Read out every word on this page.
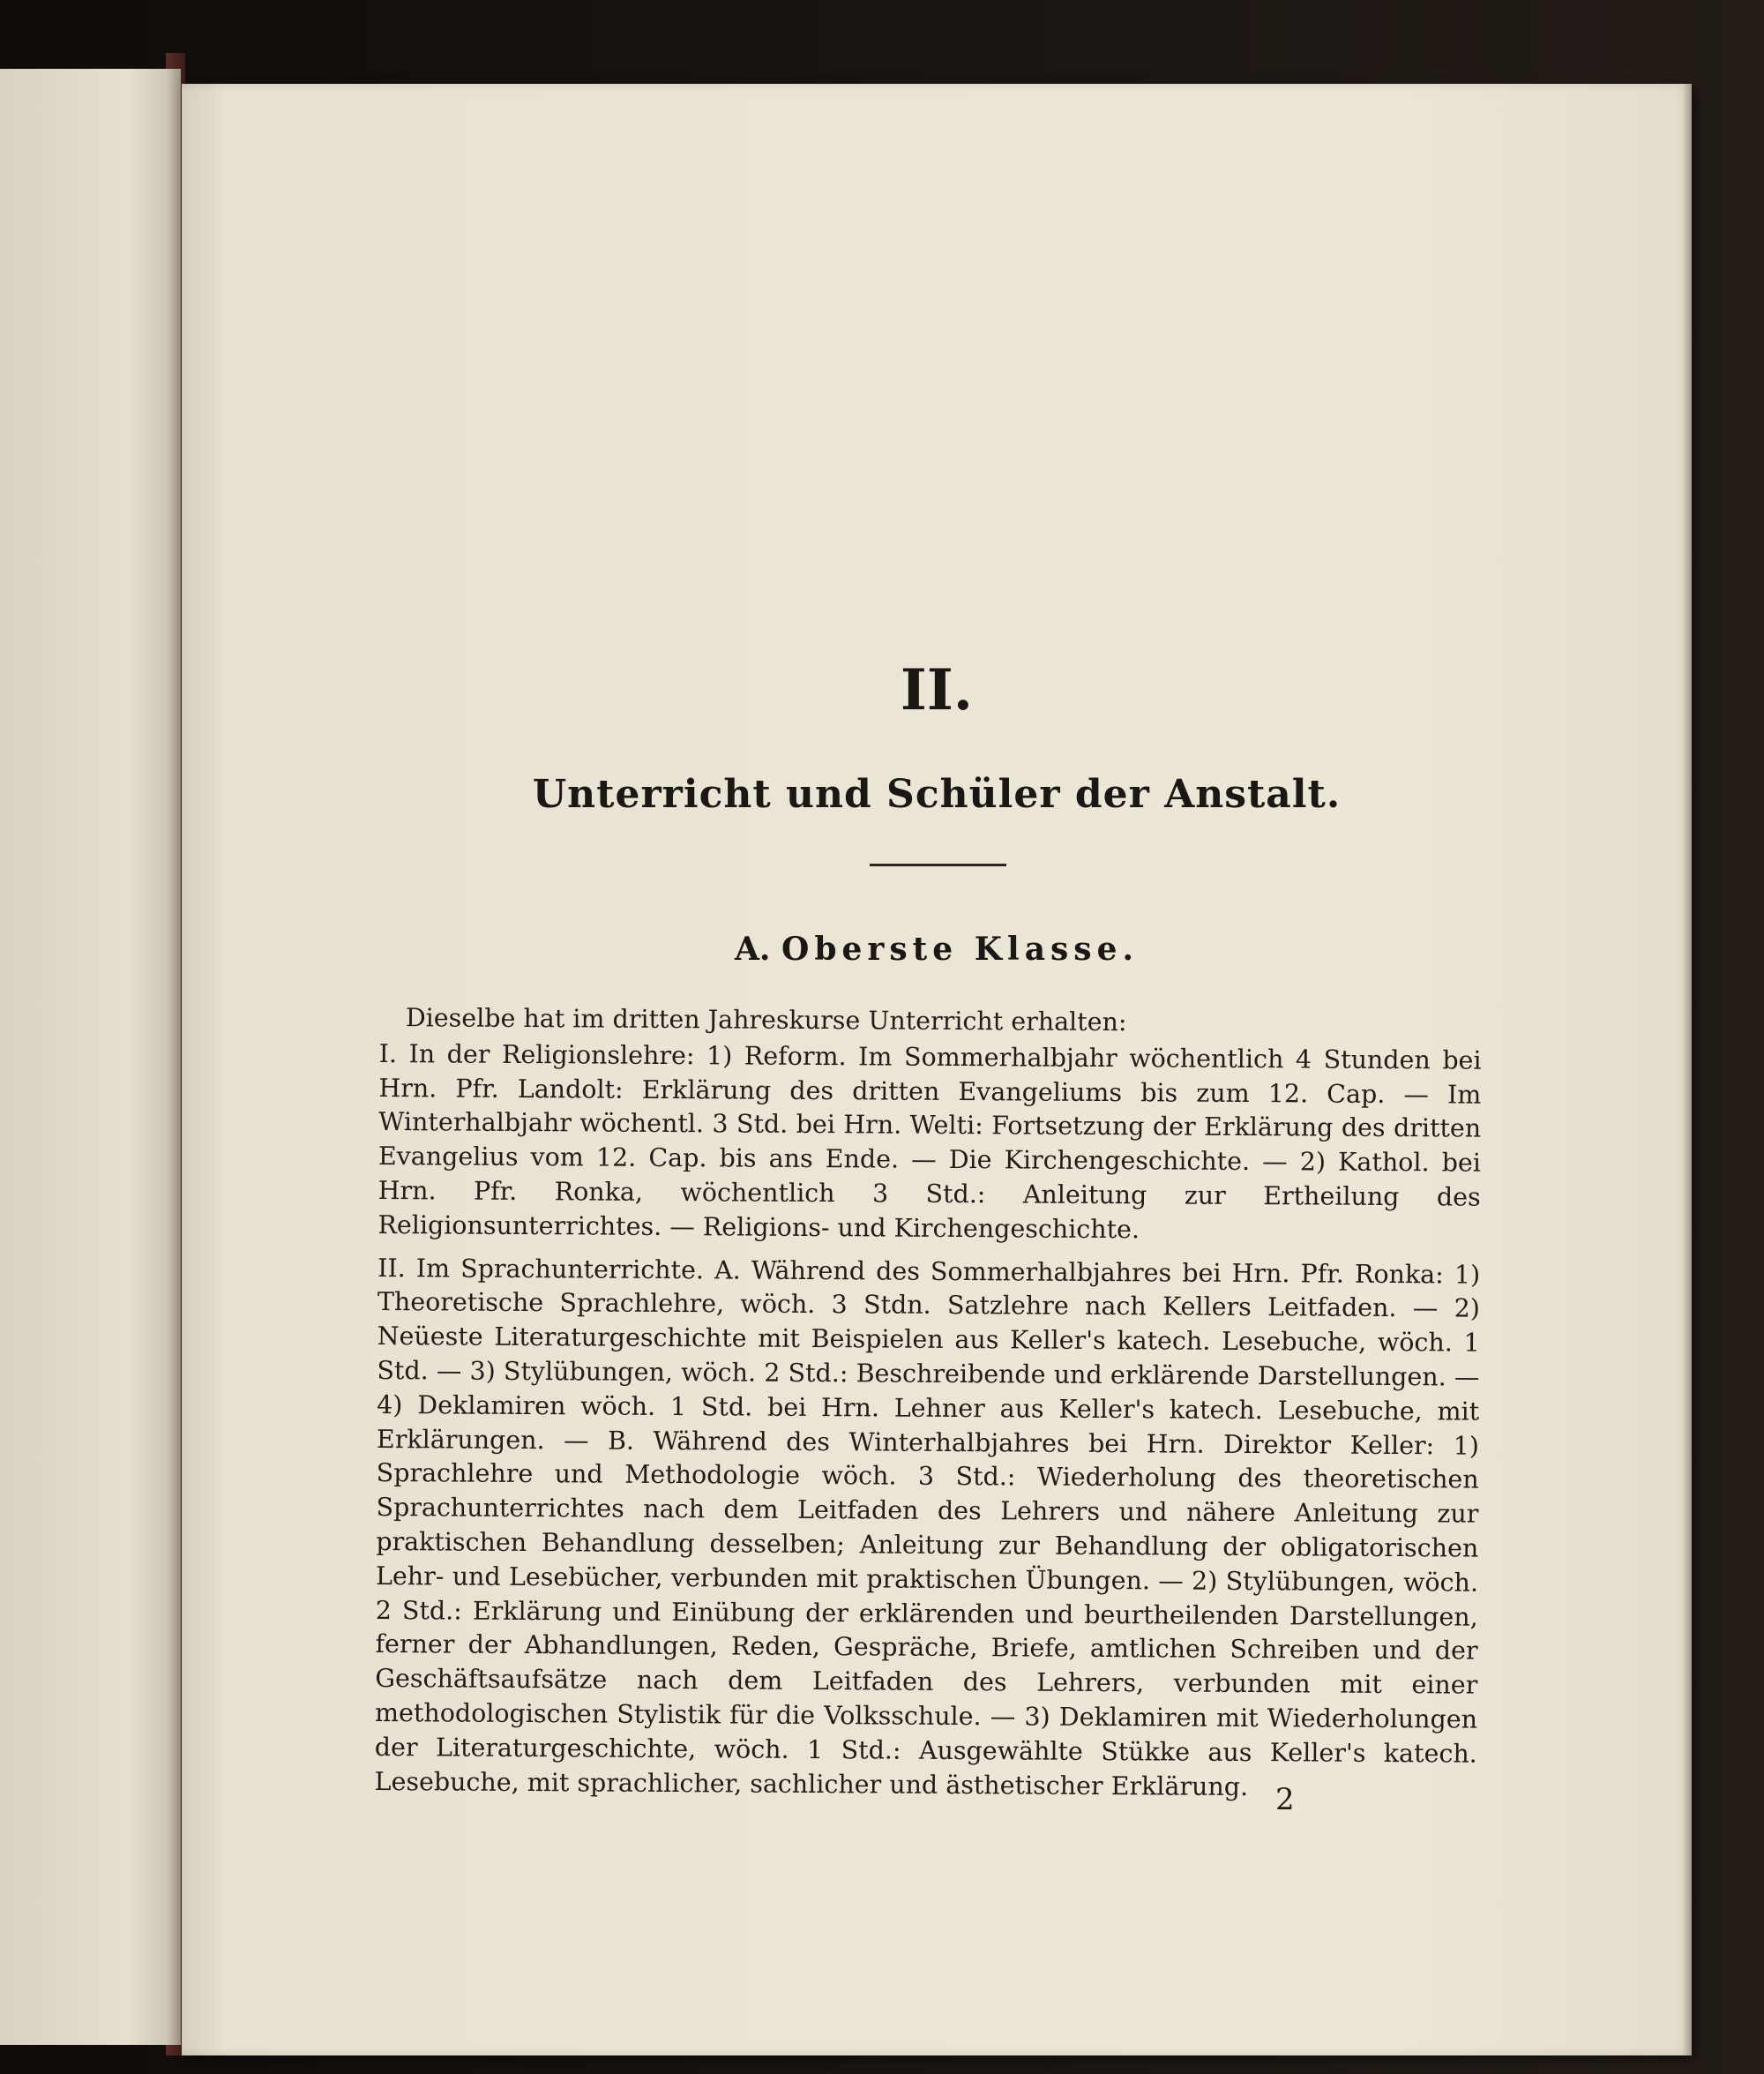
II.
Unterricht und Schüler der Anstalt.
A. Oberste Klasse.

Dieselbe hat im dritten Jahreskurse Unterricht erhalten:

I. In der Religionslehre: 1) Reform. Im Sommerhalbjahr wöchentlich 4 Stunden bei Hrn. Pfr. Landolt: Erklärung des dritten Evangeliums bis zum 12. Cap. — Im Winterhalbjahr wöchentl. 3 Std. bei Hrn. Welti: Fortsetzung der Erklärung des dritten Evangelius vom 12. Cap. bis ans Ende. — Die Kirchengeschichte. — 2) Kathol. bei Hrn. Pfr. Ronka, wöchentlich 3 Std.: Anleitung zur Ertheilung des Religionsunterrichtes. — Religions- und Kirchengeschichte.

II. Im Sprachunterrichte. A. Während des Sommerhalbjahres bei Hrn. Pfr. Ronka: 1) Theoretische Sprachlehre, wöch. 3 Stdn. Satzlehre nach Kellers Leitfaden. — 2) Neüeste Literaturgeschichte mit Beispielen aus Keller's katech. Lesebuche, wöch. 1 Std. — 3) Stylübungen, wöch. 2 Std.: Beschreibende und erklärende Darstellungen. — 4) Deklamiren wöch. 1 Std. bei Hrn. Lehner aus Keller's katech. Lesebuche, mit Erklärungen. — B. Während des Winterhalbjahres bei Hrn. Direktor Keller: 1) Sprachlehre und Methodologie wöch. 3 Std.: Wiederholung des theoretischen Sprachunterrichtes nach dem Leitfaden des Lehrers und nähere Anleitung zur praktischen Behandlung desselben; Anleitung zur Behandlung der obligatorischen Lehr- und Lesebücher, verbunden mit praktischen Übungen. — 2) Stylübungen, wöch. 2 Std.: Erklärung und Einübung der erklärenden und beurtheilenden Darstellungen, ferner der Abhandlungen, Reden, Gespräche, Briefe, amtlichen Schreiben und der Geschäftsaufsätze nach dem Leitfaden des Lehrers, verbunden mit einer methodologischen Stylistik für die Volksschule. — 3) Deklamiren mit Wiederholungen der Literaturgeschichte, wöch. 1 Std.: Ausgewählte Stükke aus Keller's katech. Lesebuche, mit sprachlicher, sachlicher und ästhetischer Erklärung. 2
